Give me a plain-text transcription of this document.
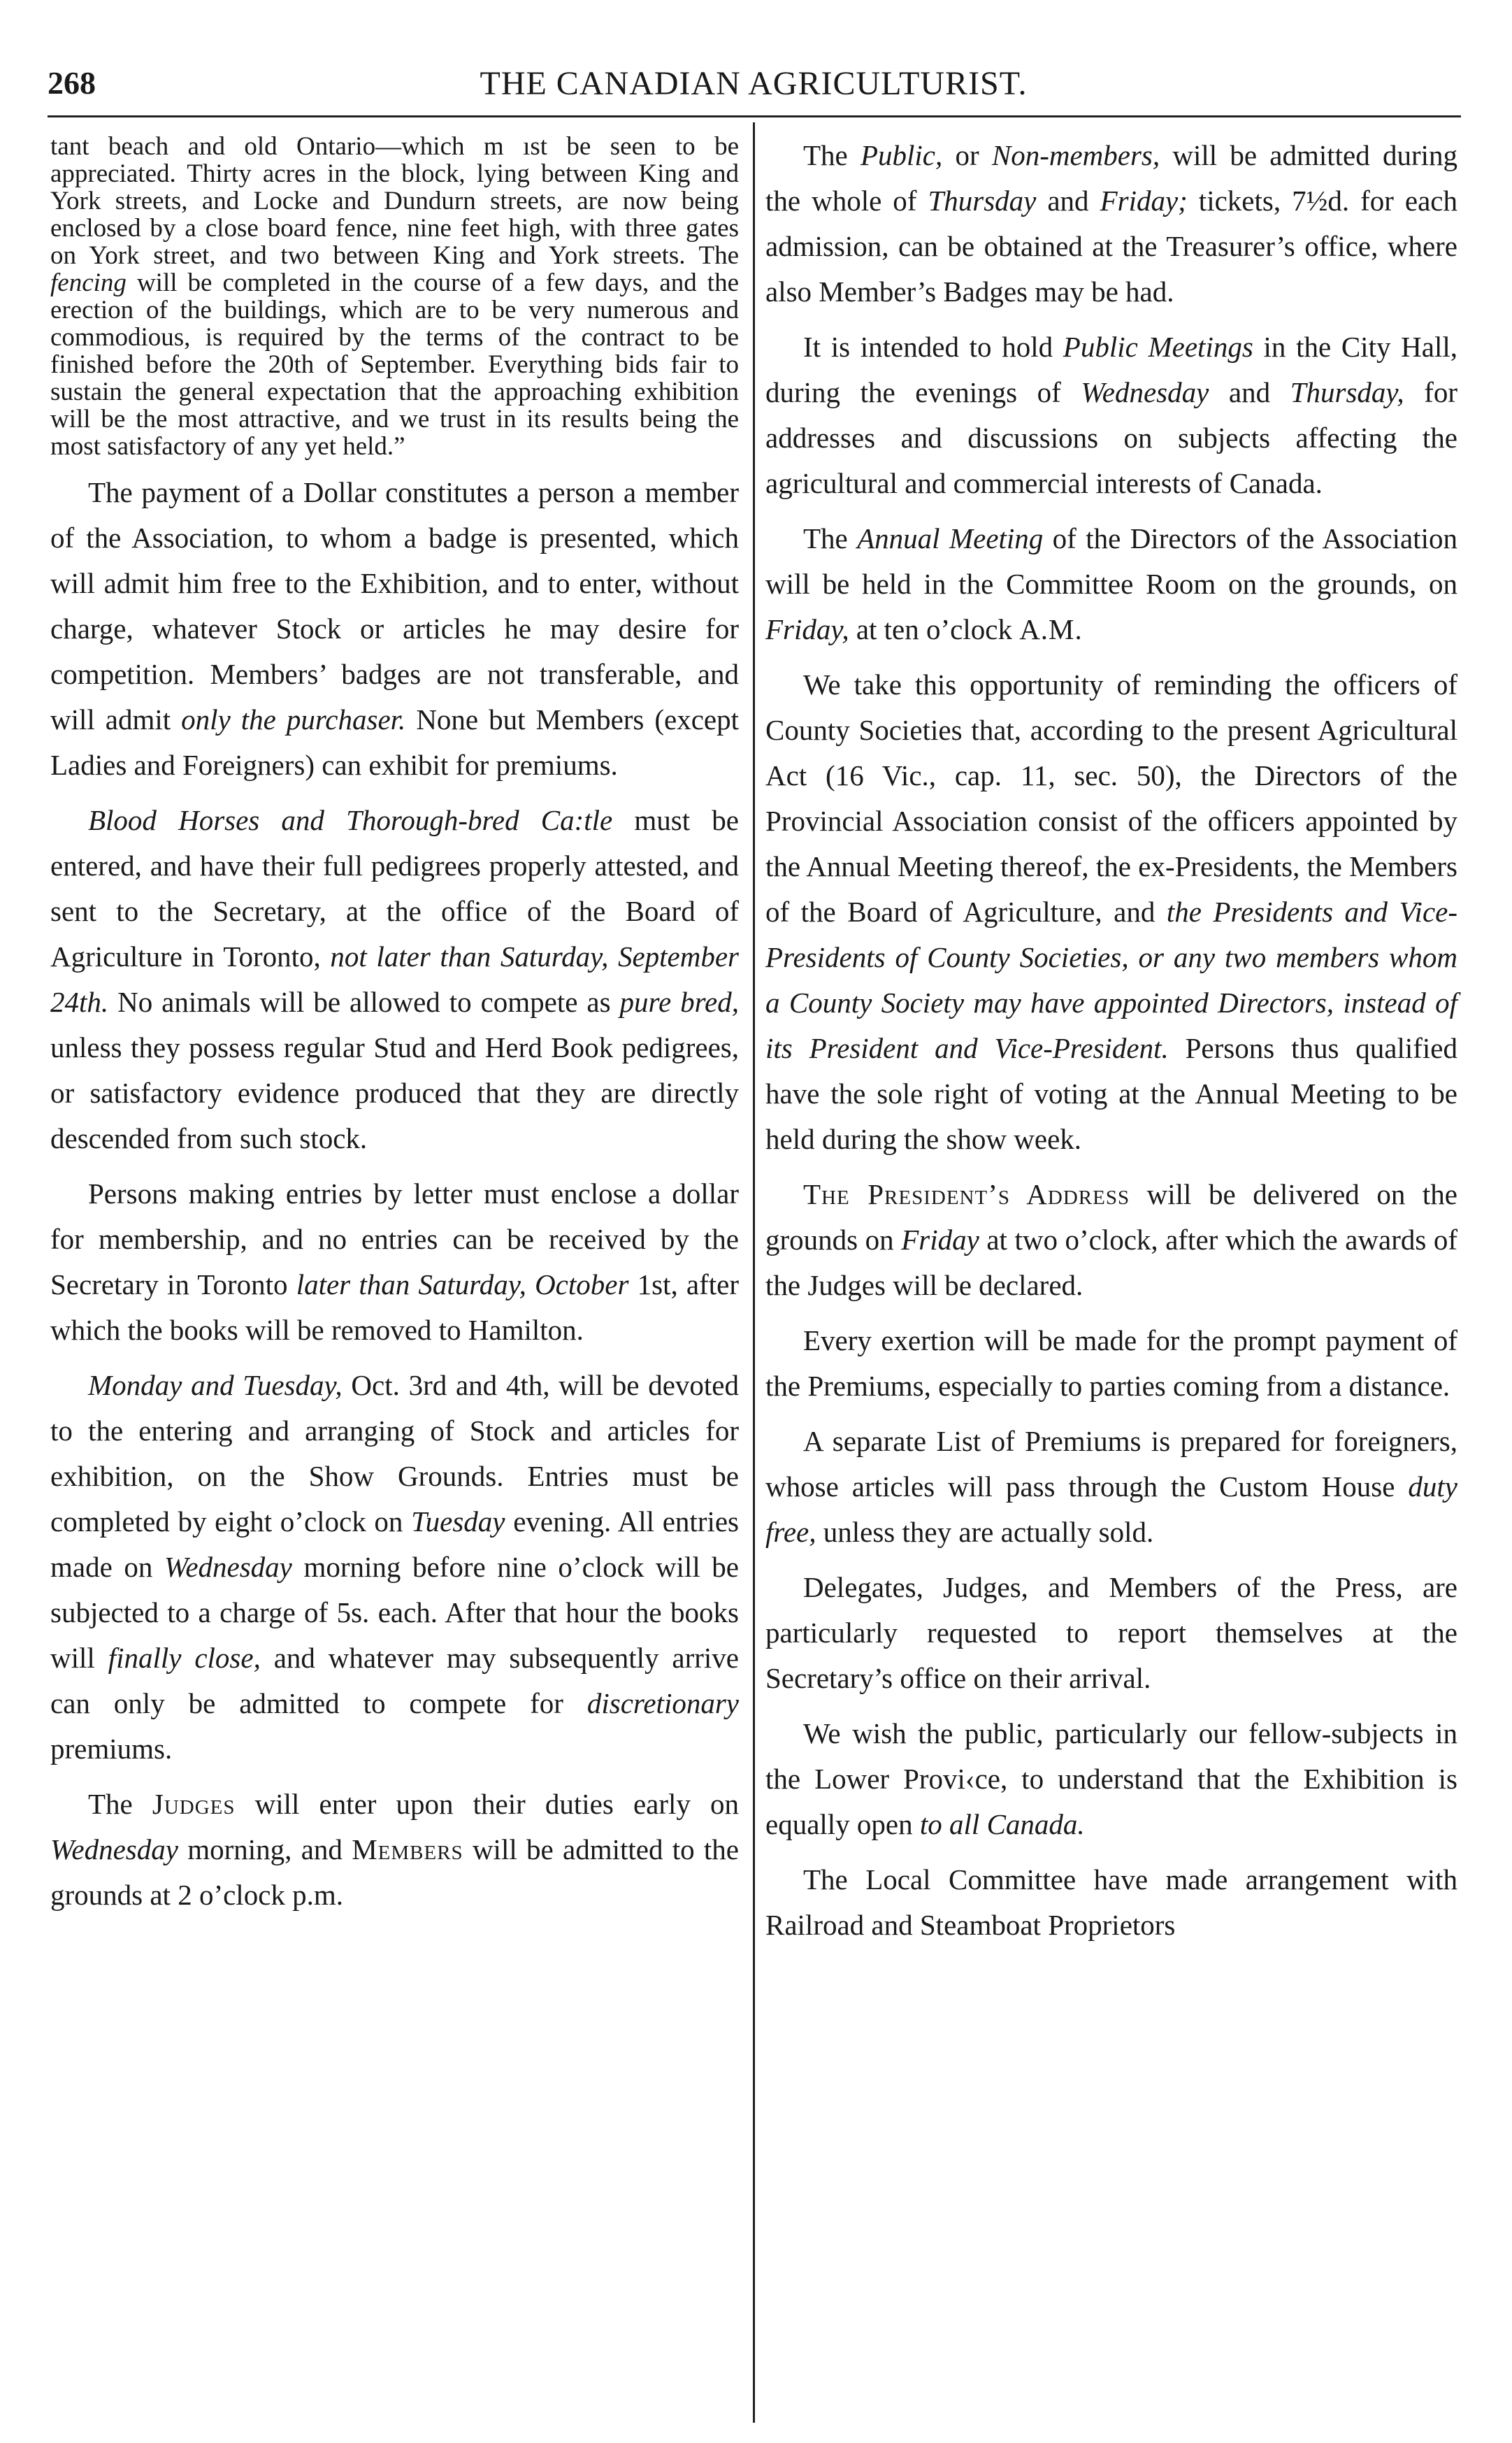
268	THE CANADIAN AGRICULTURIST.

tant beach and old Ontario—which m ıst be seen to be appreciated. Thirty acres in the block, lying between King and York streets, and Locke and Dundurn streets, are now being enclosed by a close board fence, nine feet high, with three gates on York street, and two between King and York streets. The fencing will be completed in the course of a few days, and the erection of the buildings, which are to be very numerous and commodious, is required by the terms of the contract to be finished before the 20th of September. Everything bids fair to sustain the general expectation that the approaching exhibition will be the most attractive, and we trust in its results being the most satisfactory of any yet held.”

The payment of a Dollar constitutes a person a member of the Association, to whom a badge is presented, which will admit him free to the Exhibition, and to enter, without charge, whatever Stock or articles he may desire for competition. Members’ badges are not transferable, and will admit only the purchaser. None but Members (except Ladies and Foreigners) can exhibit for premiums.

Blood Horses and Thorough-bred Ca:tle must be entered, and have their full pedigrees properly attested, and sent to the Secretary, at the office of the Board of Agriculture in Toronto, not later than Saturday, September 24th. No animals will be allowed to compete as pure bred, unless they possess regular Stud and Herd Book pedigrees, or satisfactory evidence produced that they are directly descended from such stock.

Persons making entries by letter must enclose a dollar for membership, and no entries can be received by the Secretary in Toronto later than Saturday, October 1st, after which the books will be removed to Hamilton.

Monday and Tuesday, Oct. 3rd and 4th, will be devoted to the entering and arranging of Stock and articles for exhibition, on the Show Grounds. Entries must be completed by eight o’clock on Tuesday evening. All entries made on Wednesday morning before nine o’clock will be subjected to a charge of 5s. each. After that hour the books will finally close, and whatever may subsequently arrive can only be admitted to compete for discretionary premiums.

The Judges will enter upon their duties early on Wednesday morning, and Members will be admitted to the grounds at 2 o’clock p.m.

The Public, or Non-members, will be admitted during the whole of Thursday and Friday; tickets, 7½d. for each admission, can be obtained at the Treasurer’s office, where also Member’s Badges may be had.

It is intended to hold Public Meetings in the City Hall, during the evenings of Wednesday and Thursday, for addresses and discussions on subjects affecting the agricultural and commercial interests of Canada.

The Annual Meeting of the Directors of the Association will be held in the Committee Room on the grounds, on Friday, at ten o’clock A.M.

We take this opportunity of reminding the officers of County Societies that, according to the present Agricultural Act (16 Vic., cap. 11, sec. 50), the Directors of the Provincial Association consist of the officers appointed by the Annual Meeting thereof, the ex-Presidents, the Members of the Board of Agriculture, and the Presidents and Vice-Presidents of County Societies, or any two members whom a County Society may have appointed Directors, instead of its President and Vice-President. Persons thus qualified have the sole right of voting at the Annual Meeting to be held during the show week.

The President’s Address will be delivered on the grounds on Friday at two o’clock, after which the awards of the Judges will be declared.

Every exertion will be made for the prompt payment of the Premiums, especially to parties coming from a distance.

A separate List of Premiums is prepared for foreigners, whose articles will pass through the Custom House duty free, unless they are actually sold.

Delegates, Judges, and Members of the Press, are particularly requested to report themselves at the Secretary’s office on their arrival.

We wish the public, particularly our fellow-subjects in the Lower Provi‹ce, to understand that the Exhibition is equally open to all Canada.

The Local Committee have made arrangement with Railroad and Steamboat Proprietors
